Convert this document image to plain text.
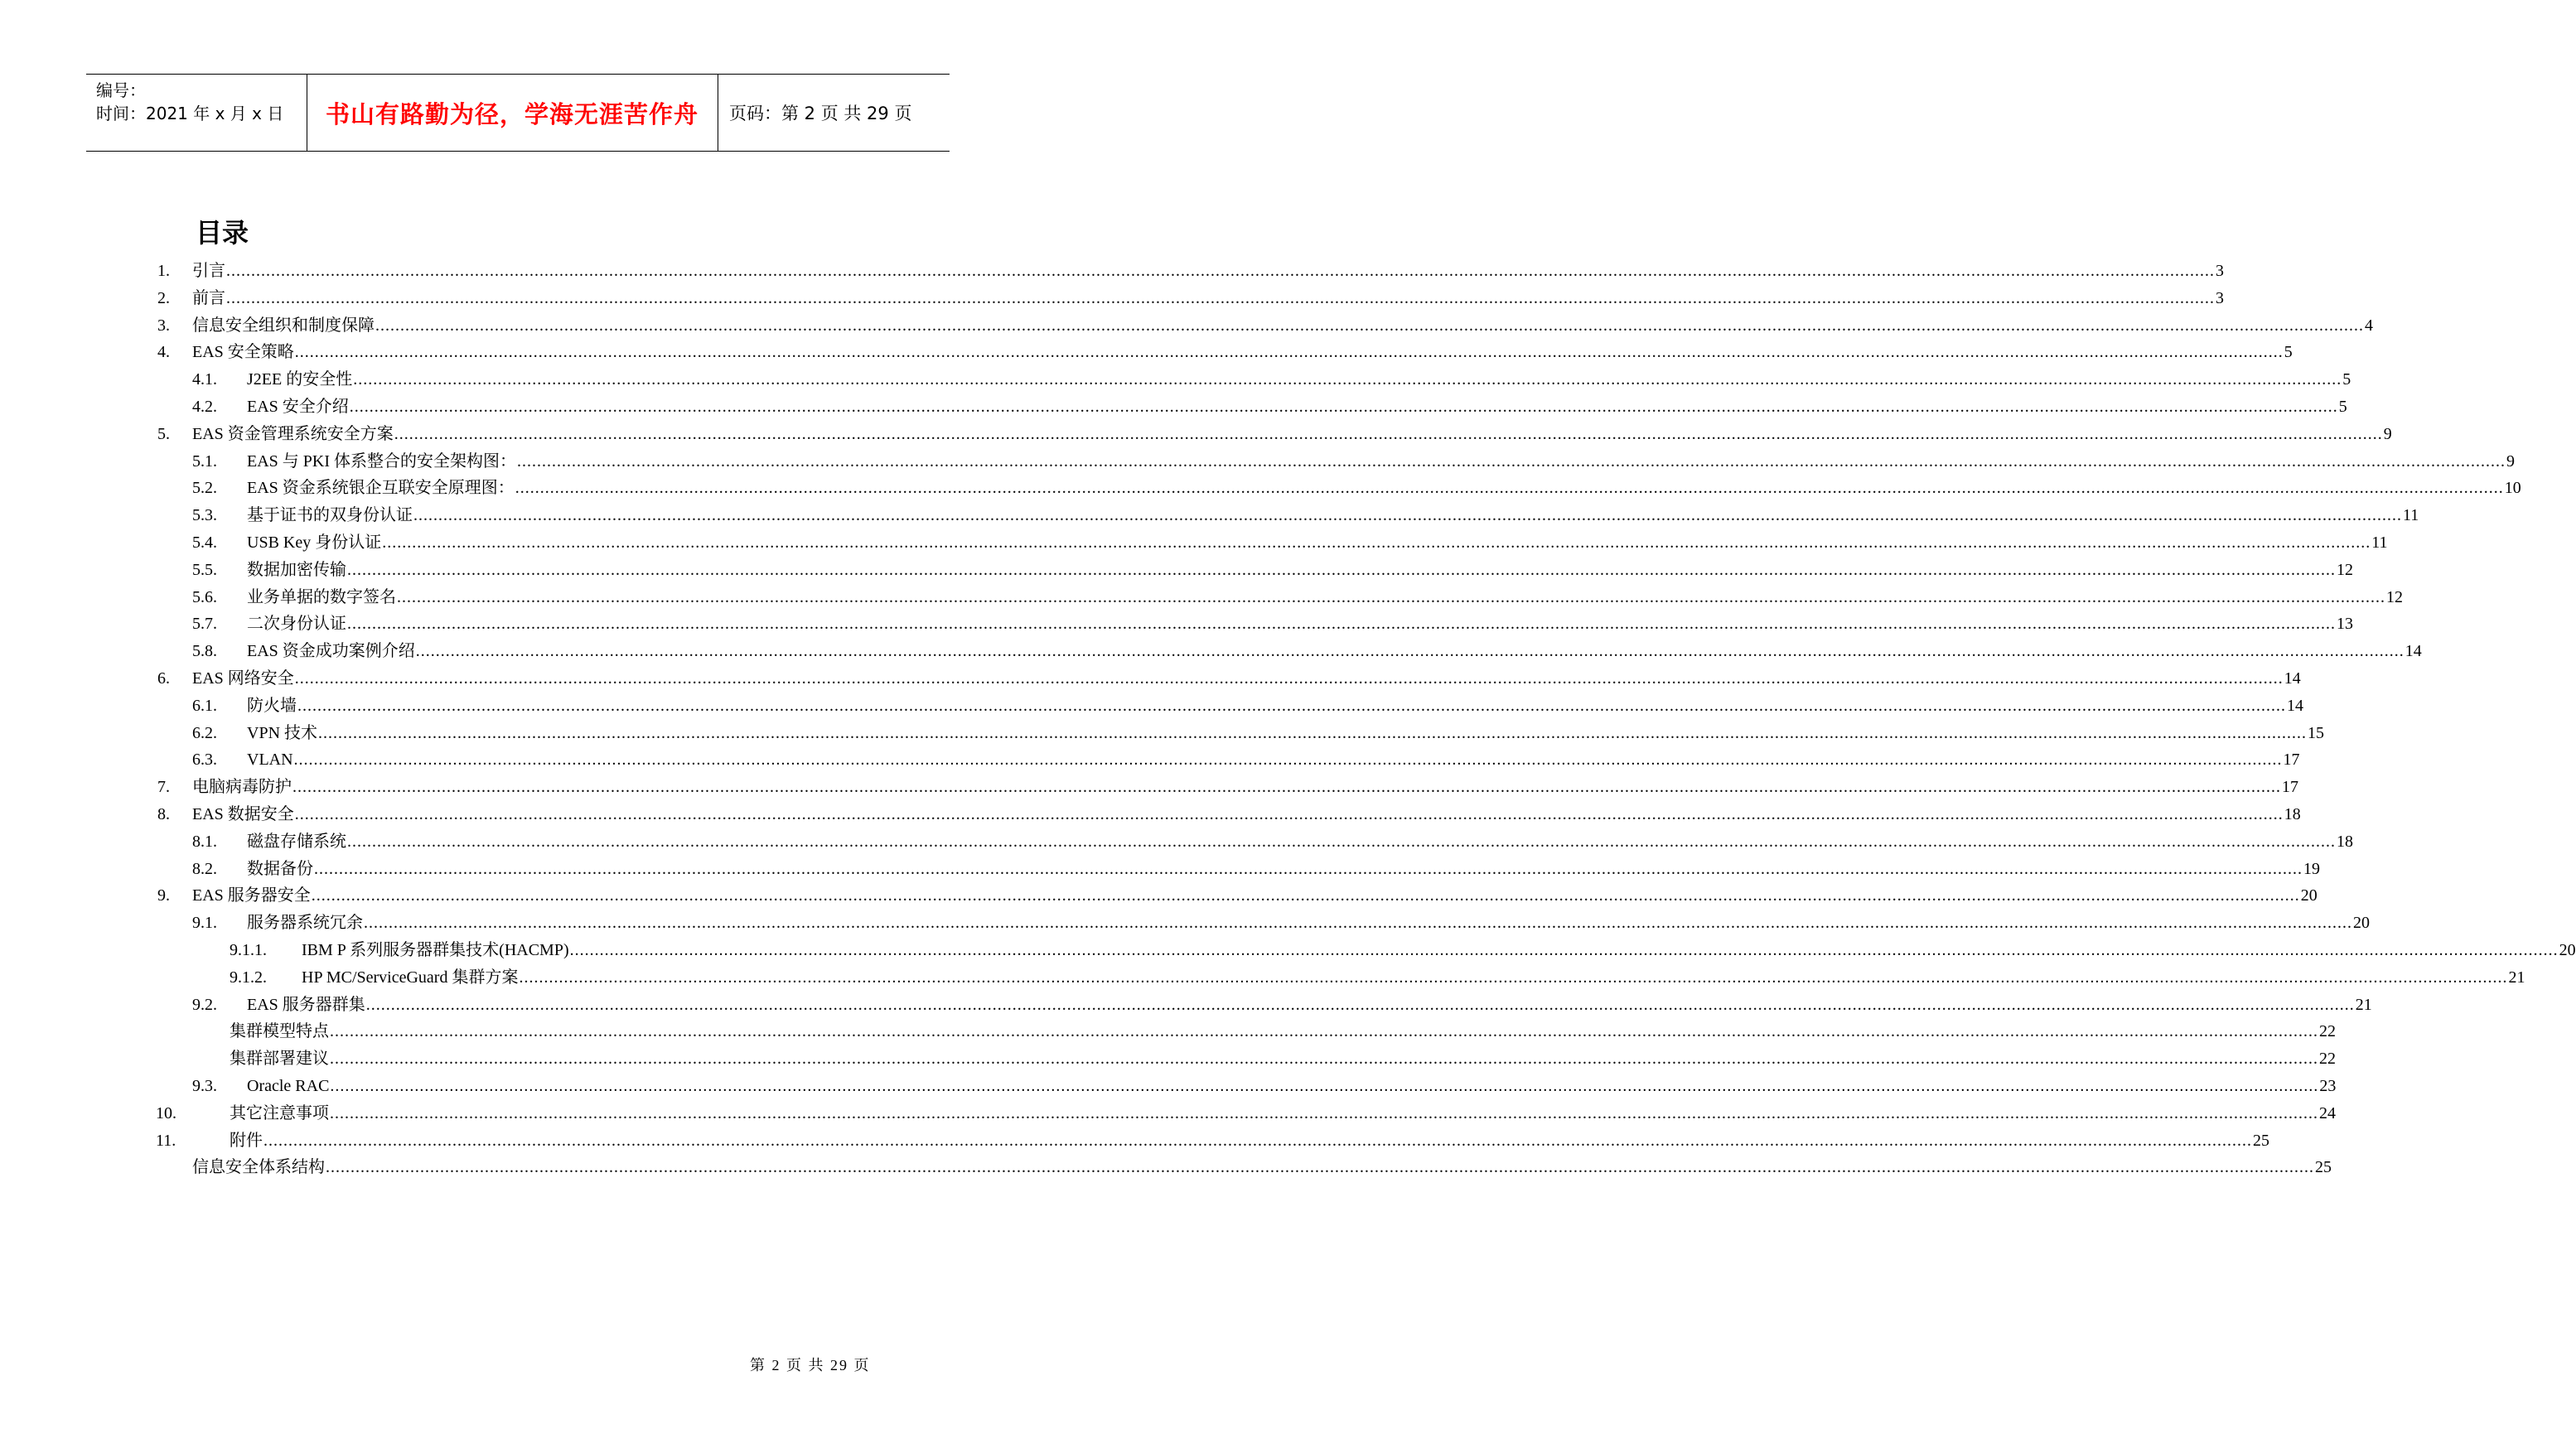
编号：
时间：2021 年 x 月 x 日	书山有路勤为径，学海无涯苦作舟	页码：第 2 页 共 29 页
目录
1. 引言 ................................................................................................................................................................................................................................................................................................................................................................................................................ 3
2. 前言 ................................................................................................................................................................................................................................................................................................................................................................................................................ 3
3. 信息安全组织和制度保障 ................................................................................................................................................................................................................................................................................................................................................................................................................ 4
4. EAS 安全策略 ................................................................................................................................................................................................................................................................................................................................................................................................................ 5
4.1. J2EE 的安全性 ................................................................................................................................................................................................................................................................................................................................................................................................................ 5
4.2. EAS 安全介绍 ................................................................................................................................................................................................................................................................................................................................................................................................................ 5
5. EAS 资金管理系统安全方案 ................................................................................................................................................................................................................................................................................................................................................................................................................ 9
5.1. EAS 与 PKI 体系整合的安全架构图： ................................................................................................................................................................................................................................................................................................................................................................................................................ 9
5.2. EAS 资金系统银企互联安全原理图： ................................................................................................................................................................................................................................................................................................................................................................................................................ 10
5.3. 基于证书的双身份认证 ................................................................................................................................................................................................................................................................................................................................................................................................................ 11
5.4. USB Key 身份认证 ................................................................................................................................................................................................................................................................................................................................................................................................................ 11
5.5. 数据加密传输 ................................................................................................................................................................................................................................................................................................................................................................................................................ 12
5.6. 业务单据的数字签名 ................................................................................................................................................................................................................................................................................................................................................................................................................ 12
5.7. 二次身份认证 ................................................................................................................................................................................................................................................................................................................................................................................................................ 13
5.8. EAS 资金成功案例介绍 ................................................................................................................................................................................................................................................................................................................................................................................................................ 14
6. EAS 网络安全 ................................................................................................................................................................................................................................................................................................................................................................................................................ 14
6.1. 防火墙 ................................................................................................................................................................................................................................................................................................................................................................................................................ 14
6.2. VPN 技术 ................................................................................................................................................................................................................................................................................................................................................................................................................ 15
6.3. VLAN ................................................................................................................................................................................................................................................................................................................................................................................................................ 17
7. 电脑病毒防护 ................................................................................................................................................................................................................................................................................................................................................................................................................ 17
8. EAS 数据安全 ................................................................................................................................................................................................................................................................................................................................................................................................................ 18
8.1. 磁盘存储系统 ................................................................................................................................................................................................................................................................................................................................................................................................................ 18
8.2. 数据备份 ................................................................................................................................................................................................................................................................................................................................................................................................................ 19
9. EAS 服务器安全 ................................................................................................................................................................................................................................................................................................................................................................................................................ 20
9.1. 服务器系统冗余 ................................................................................................................................................................................................................................................................................................................................................................................................................ 20
9.1.1. IBM P 系列服务器群集技术(HACMP) ................................................................................................................................................................................................................................................................................................................................................................................................................ 20
9.1.2. HP MC/ServiceGuard 集群方案 ................................................................................................................................................................................................................................................................................................................................................................................................................ 21
9.2. EAS 服务器群集 ................................................................................................................................................................................................................................................................................................................................................................................................................ 21
集群模型特点 ................................................................................................................................................................................................................................................................................................................................................................................................................ 22
集群部署建议 ................................................................................................................................................................................................................................................................................................................................................................................................................ 22
9.3. Oracle RAC ................................................................................................................................................................................................................................................................................................................................................................................................................ 23
10.	其它注意事项 ................................................................................................................................................................................................................................................................................................................................................................................................................ 24
11.	附件 ................................................................................................................................................................................................................................................................................................................................................................................................................ 25
信息安全体系结构 ................................................................................................................................................................................................................................................................................................................................................................................................................ 25
第 2 页 共 29 页
